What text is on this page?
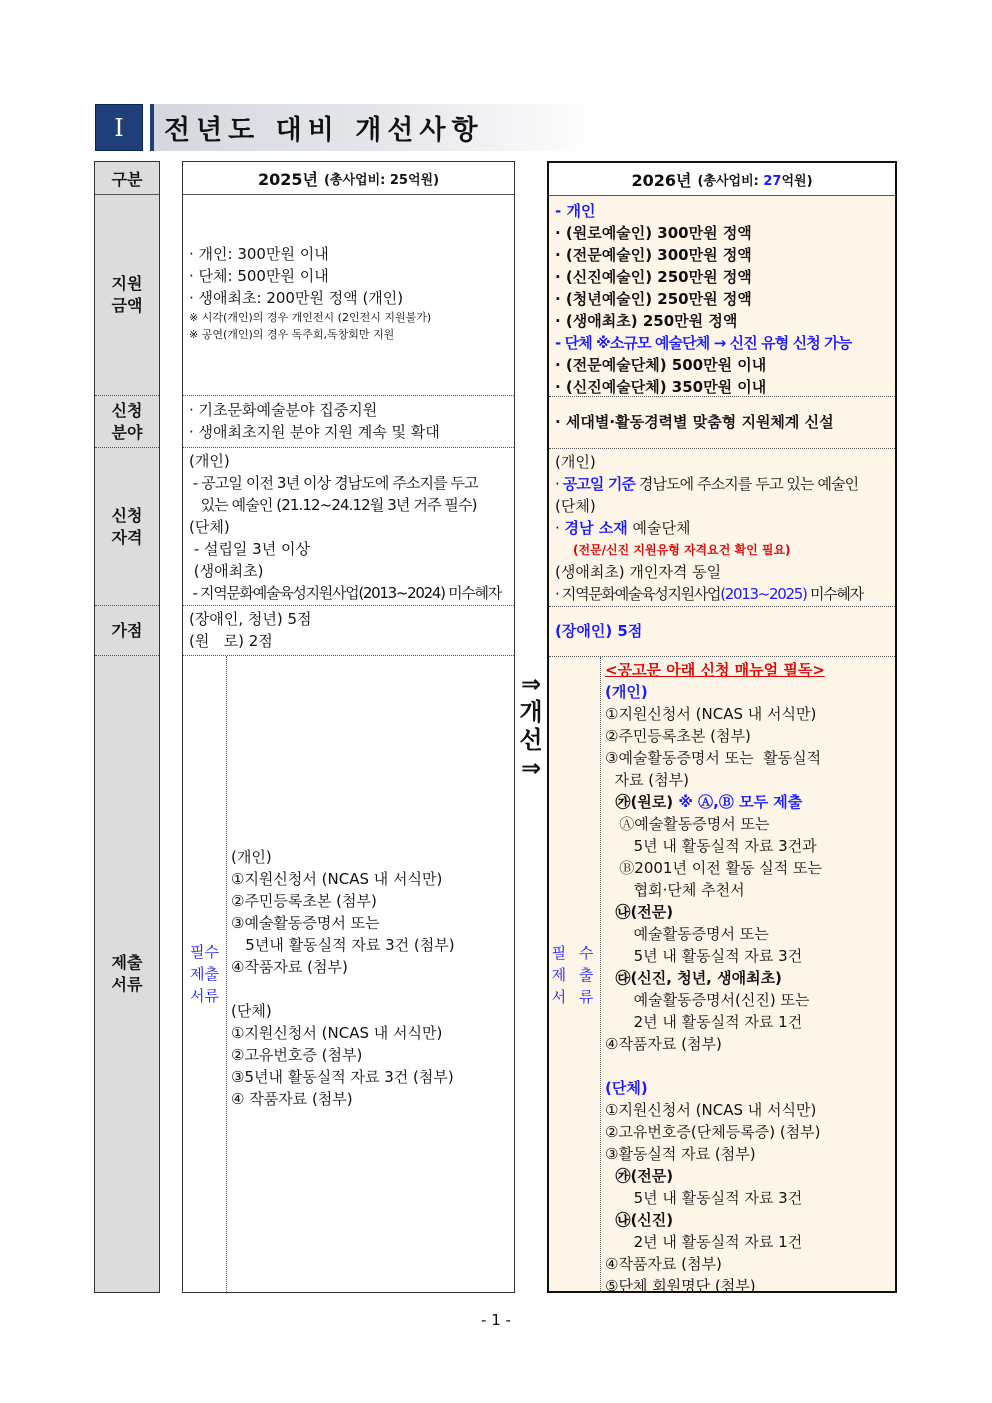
I	전년도 대비 개선사항
구분
지원
금액
신청
분야
신청
자격
가점
제출
서류
2025년 (총사업비: 25억원)
· 개인: 300만원 이내
· 단체: 500만원 이내
· 생애최초: 200만원 정액 (개인)
※ 시각(개인)의 경우 개인전시 (2인전시 지원불가)
※ 공연(개인)의 경우 독주회,독창회만 지원
· 기초문화예술분야 집중지원
· 생애최초지원 분야 지원 계속 및 확대
(개인)
- 공고일 이전 3년 이상 경남도에 주소지를 두고
있는 예술인 (21.12~24.12월 3년 거주 필수)
(단체)
- 설립일 3년 이상
(생애최초)
- 지역문화예술육성지원사업(2013~2024) 미수혜자
(장애인, 청년) 5점
(원   로) 2점
필수
제출
서류
(개인)
①지원신청서 (NCAS 내 서식만)
②주민등록초본 (첨부)
③예술활동증명서 또는
5년내 활동실적 자료 3건 (첨부)
④작품자료 (첨부)
(단체)
①지원신청서 (NCAS 내 서식만)
②고유번호증 (첨부)
③5년내 활동실적 자료 3건 (첨부)
④ 작품자료 (첨부)
⇒
개
선
⇒
2026년 (총사업비: 27억원)
- 개인
· (원로예술인) 300만원 정액
· (전문예술인) 300만원 정액
· (신진예술인) 250만원 정액
· (청년예술인) 250만원 정액
· (생애최초) 250만원 정액
- 단체 ※소규모 예술단체 → 신진 유형 신청 가능
· (전문예술단체) 500만원 이내
· (신진예술단체) 350만원 이내
· 세대별·활동경력별 맞춤형 지원체계 신설
(개인)
· 공고일 기준 경남도에 주소지를 두고 있는 예술인
(단체)
· 경남 소재 예술단체
(전문/신진 지원유형 자격요건 확인 필요)
(생애최초) 개인자격 동일
· 지역문화예술육성지원사업(2013~2025) 미수혜자
(장애인) 5점
필 수
제 출
서 류
<공고문 아래 신청 매뉴얼 필독>
(개인)
①지원신청서 (NCAS 내 서식만)
②주민등록초본 (첨부)
③예술활동증명서 또는  활동실적
자료 (첨부)
㉮(원로) ※ Ⓐ,Ⓑ 모두 제출
Ⓐ예술활동증명서 또는
5년 내 활동실적 자료 3건과
Ⓑ2001년 이전 활동 실적 또는
협회·단체 추천서
㉯(전문)
예술활동증명서 또는
5년 내 활동실적 자료 3건
㉰(신진, 청년, 생애최초)
예술활동증명서(신진) 또는
2년 내 활동실적 자료 1건
④작품자료 (첨부)
(단체)
①지원신청서 (NCAS 내 서식만)
②고유번호증(단체등록증) (첨부)
③활동실적 자료 (첨부)
㉮(전문)
5년 내 활동실적 자료 3건
㉯(신진)
2년 내 활동실적 자료 1건
④작품자료 (첨부)
⑤단체 회원명단 (첨부)
- 1 -
